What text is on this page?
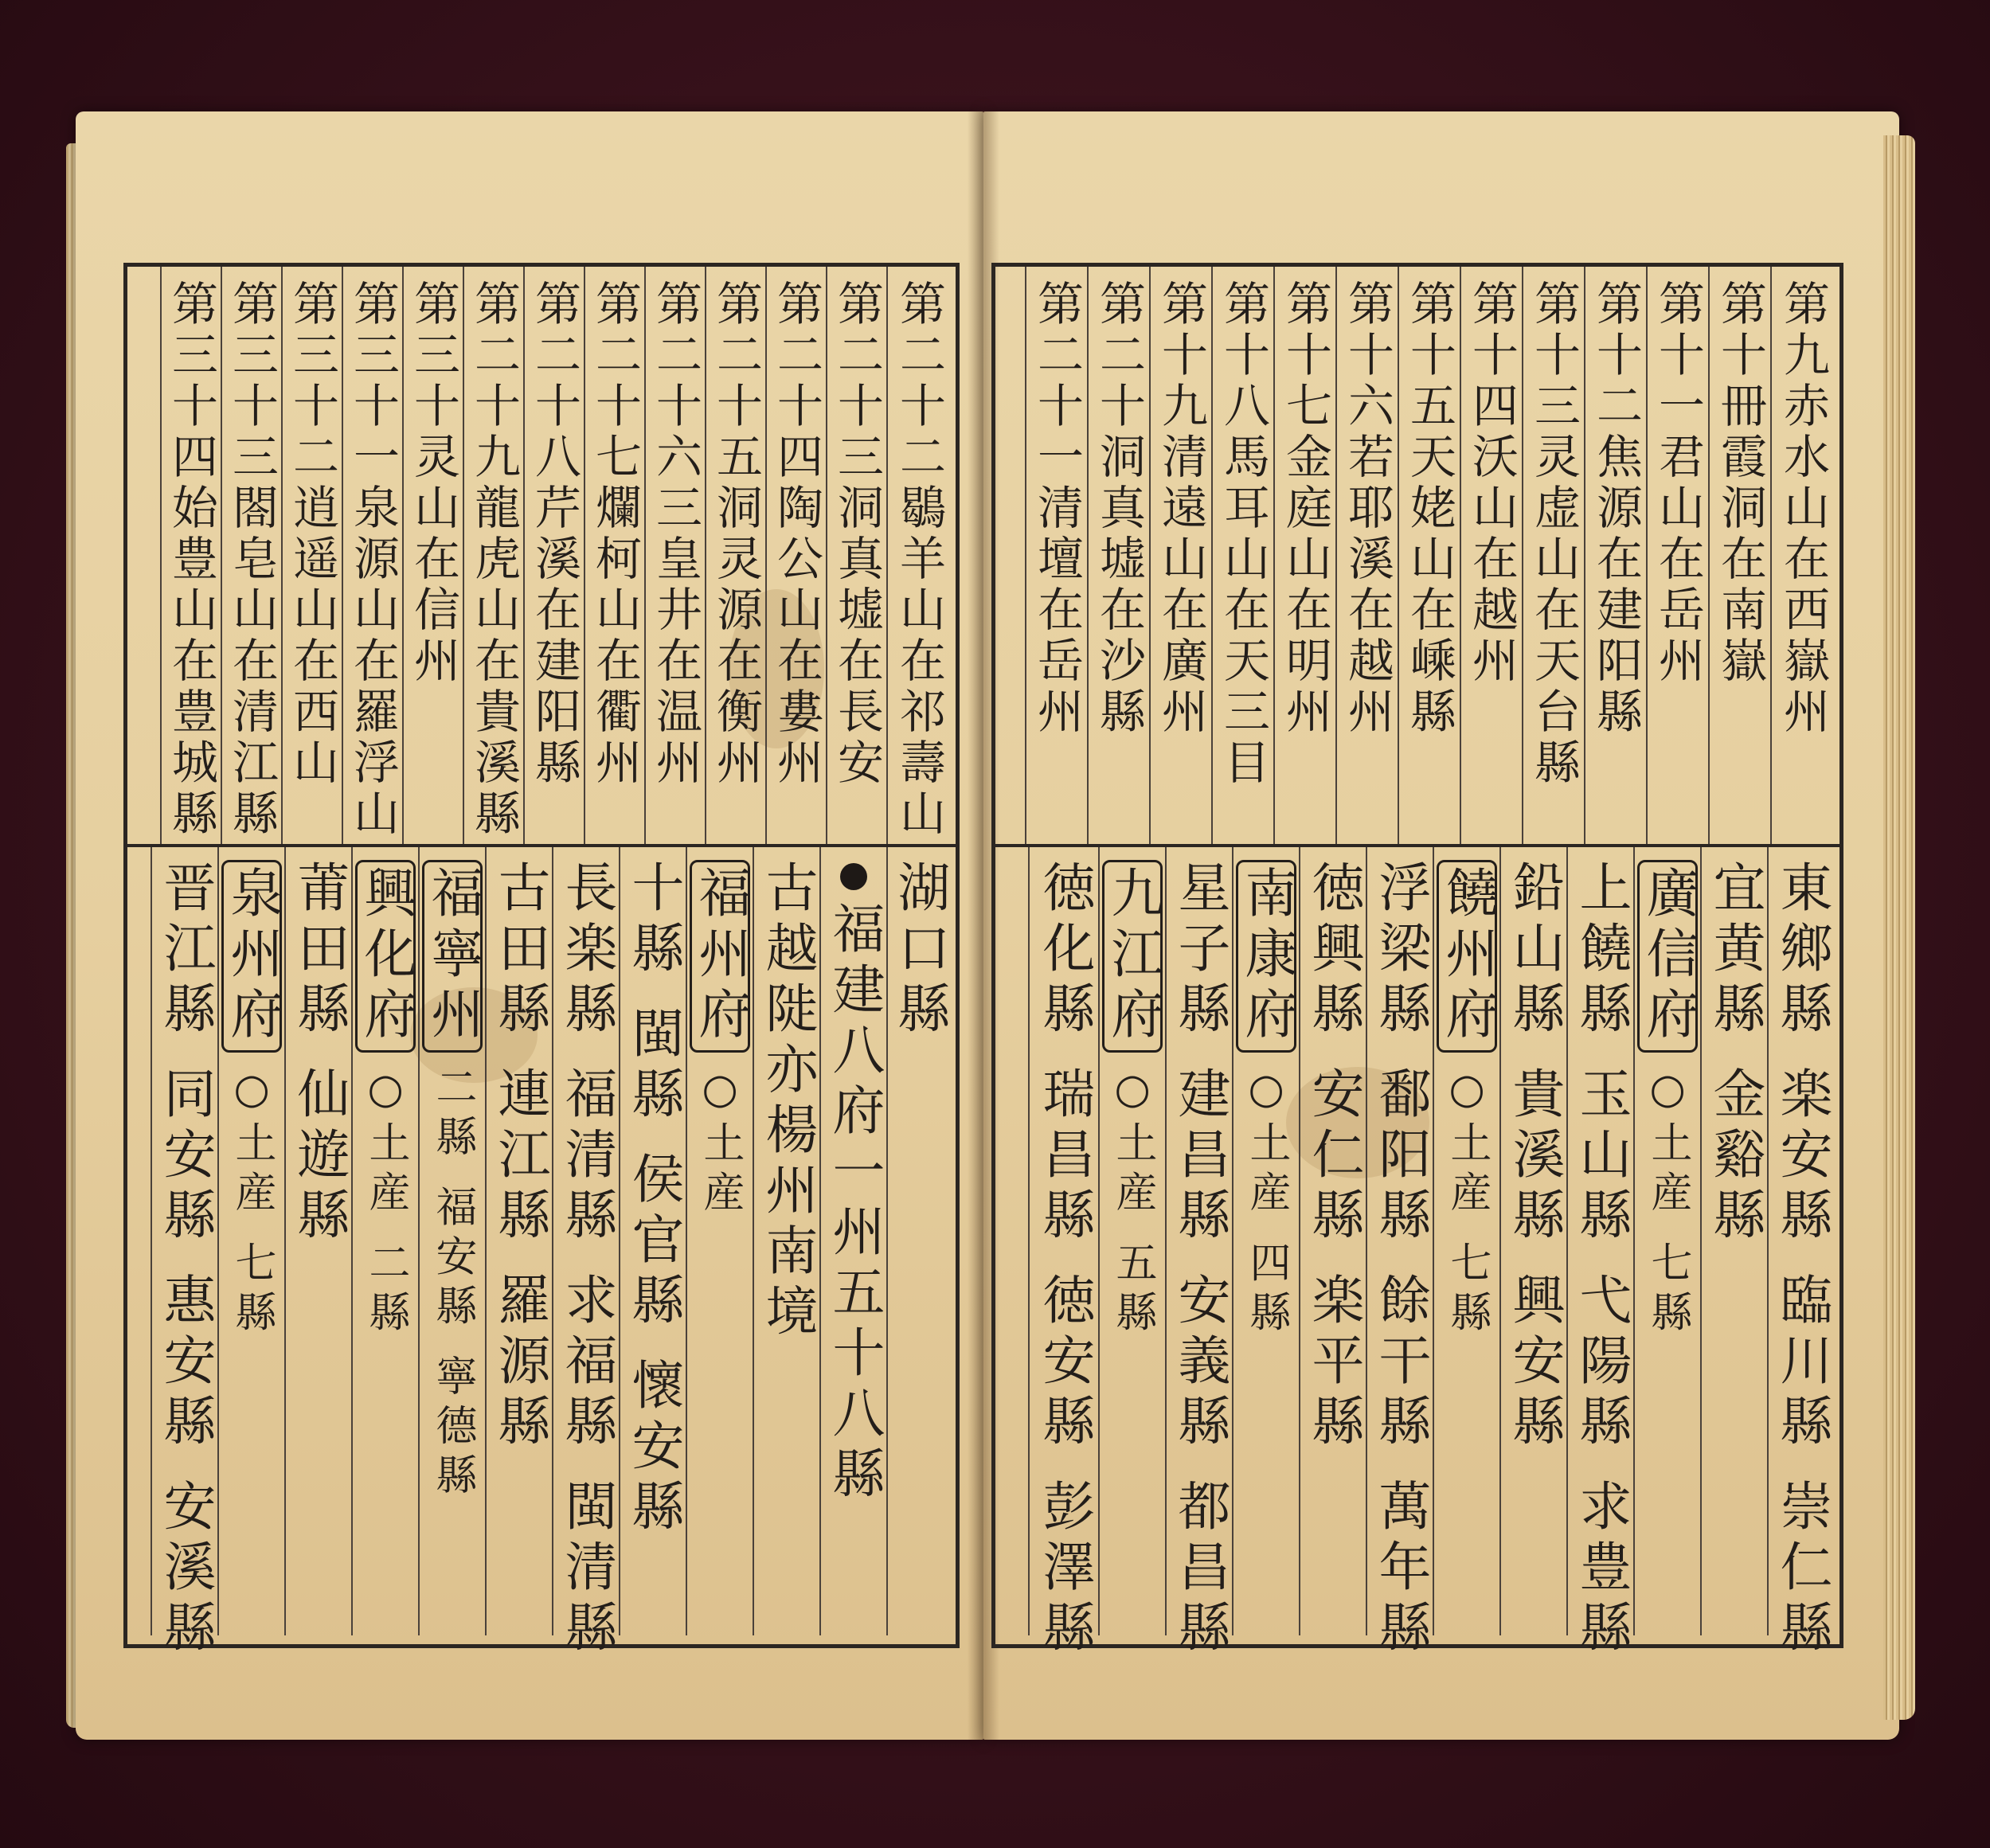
第二十二鶡羊山在祁壽山
第二十三洞真墟在長安
第二十四陶公山在婁州
第二十五洞灵源在衡州
第二十六三皇井在温州
第二十七爛柯山在衢州
第二十八芹溪在建阳縣
第二十九龍虎山在貴溪縣
第三十灵山在信州
第三十一泉源山在羅浮山
第三十二逍遥山在西山
第三十三閤皂山在清江縣
第三十四始豊山在豊城縣
湖口縣
福建八府一州五十八縣
古越𨺗亦楊州南境
福州府
○土産
十縣 閩縣 侯官縣 懷安縣
長楽縣 福清縣 求福縣 閩清縣
古田縣 連江縣 羅源縣
福寧州
二縣 福安縣 寧德縣
興化府
○土産 二縣
莆田縣 仙遊縣
泉州府
○土産 七縣
晋江縣 同安縣 惠安縣 安溪縣
第九赤水山在西嶽州
第十冊霞洞在南嶽
第十一君山在岳州
第十二焦源在建阳縣
第十三灵虚山在天台縣
第十四沃山在越州
第十五天姥山在嵊縣
第十六若耶溪在越州
第十七金庭山在明州
第十八馬耳山在天三目
第十九清遠山在廣州
第二十洞真墟在沙縣
第二十一清壇在岳州
東鄉縣 楽安縣 臨川縣 崇仁縣
宜黄縣 金谿縣
廣信府
○土産 七縣
上饒縣 玉山縣 弋陽縣 求豊縣
鉛山縣 貴溪縣 興安縣
饒州府
○土産 七縣
浮梁縣 鄱阳縣 餘干縣 萬年縣
徳興縣 安仁縣 楽平縣
南康府
○土産 四縣
星子縣 建昌縣 安義縣 都昌縣
九江府
○土産 五縣
徳化縣 瑞昌縣 徳安縣 彭澤縣
